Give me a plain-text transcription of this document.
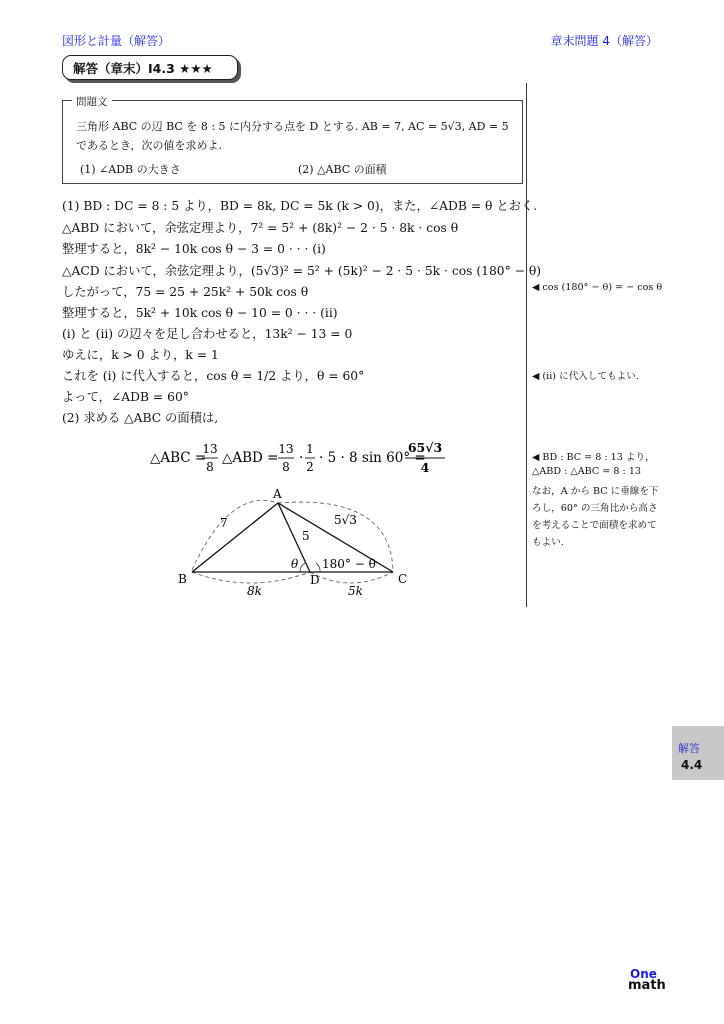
図形と計量（解答）	章末問題 4（解答）
解答（章末）I4.3 ★★★
問題文
三角形 ABC の辺 BC を 8 : 5 に内分する点を D とする. AB = 7, AC = 5√3, AD = 5
であるとき，次の値を求めよ.
(1) ∠ADB の大きさ	(2) △ABC の面積
(1) BD : DC = 8 : 5 より，BD = 8k, DC = 5k (k > 0)，また，∠ADB = θ とおく.
△ABD において，余弦定理より，7² = 5² + (8k)² − 2 · 5 · 8k · cos θ
整理すると，8k² − 10k cos θ − 3 = 0 · · · (i)
△ACD において，余弦定理より，(5√3)² = 5² + (5k)² − 2 · 5 · 5k · cos (180° − θ)
したがって，75 = 25 + 25k² + 50k cos θ
整理すると，5k² + 10k cos θ − 10 = 0 · · · (ii)
(i) と (ii) の辺々を足し合わせると，13k² − 13 = 0
ゆえに，k > 0 より，k = 1
これを (i) に代入すると，cos θ = 1/2 より，θ = 60°
よって，∠ADB = 60°
(2) 求める △ABC の面積は,
△ABC =
13
8
△ABD =
13
8
·
1
2
· 5 · 8 sin 60° =
65√3
4
◀ cos (180° − θ) = − cos θ
◀ (ii) に代入してもよい.
◀ BD : BC = 8 : 13 より，
△ABD : △ABC = 8 : 13
なお，A から BC に垂線を下
ろし，60° の三角比から高さ
を考えることで面積を求めて
もよい.
A
B	C
D
7
5
5√3
8k	5k
θ 180° − θ
解答
4.4
One
math
